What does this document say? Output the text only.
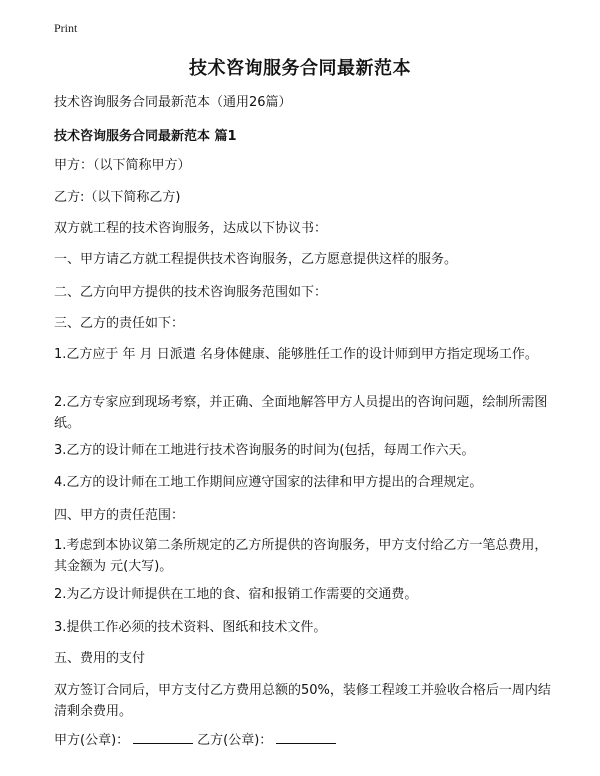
Print
技术咨询服务合同最新范本
技术咨询服务合同最新范本（通用26篇）
技术咨询服务合同最新范本 篇1
甲方：（以下简称甲方）
乙方:（以下简称乙方)
双方就工程的技术咨询服务，达成以下协议书：
一、甲方请乙方就工程提供技术咨询服务，乙方愿意提供这样的服务。
二、乙方向甲方提供的技术咨询服务范围如下：
三、乙方的责任如下：
1.乙方应于 年 月 日派遣 名身体健康、能够胜任工作的设计师到甲方指定现场工作。
2.乙方专家应到现场考察，并正确、全面地解答甲方人员提出的咨询问题，绘制所需图纸。
3.乙方的设计师在工地进行技术咨询服务的时间为(包括，每周工作六天。
4.乙方的设计师在工地工作期间应遵守国家的法律和甲方提出的合理规定。
四、甲方的责任范围：
1.考虑到本协议第二条所规定的乙方所提供的咨询服务，甲方支付给乙方一笔总费用，其金额为 元(大写)。
2.为乙方设计师提供在工地的食、宿和报销工作需要的交通费。
3.提供工作必须的技术资料、图纸和技术文件。
五、费用的支付
双方签订合同后，甲方支付乙方费用总额的50%，装修工程竣工并验收合格后一周内结清剩余费用。
甲方(公章)：	乙方(公章)：
